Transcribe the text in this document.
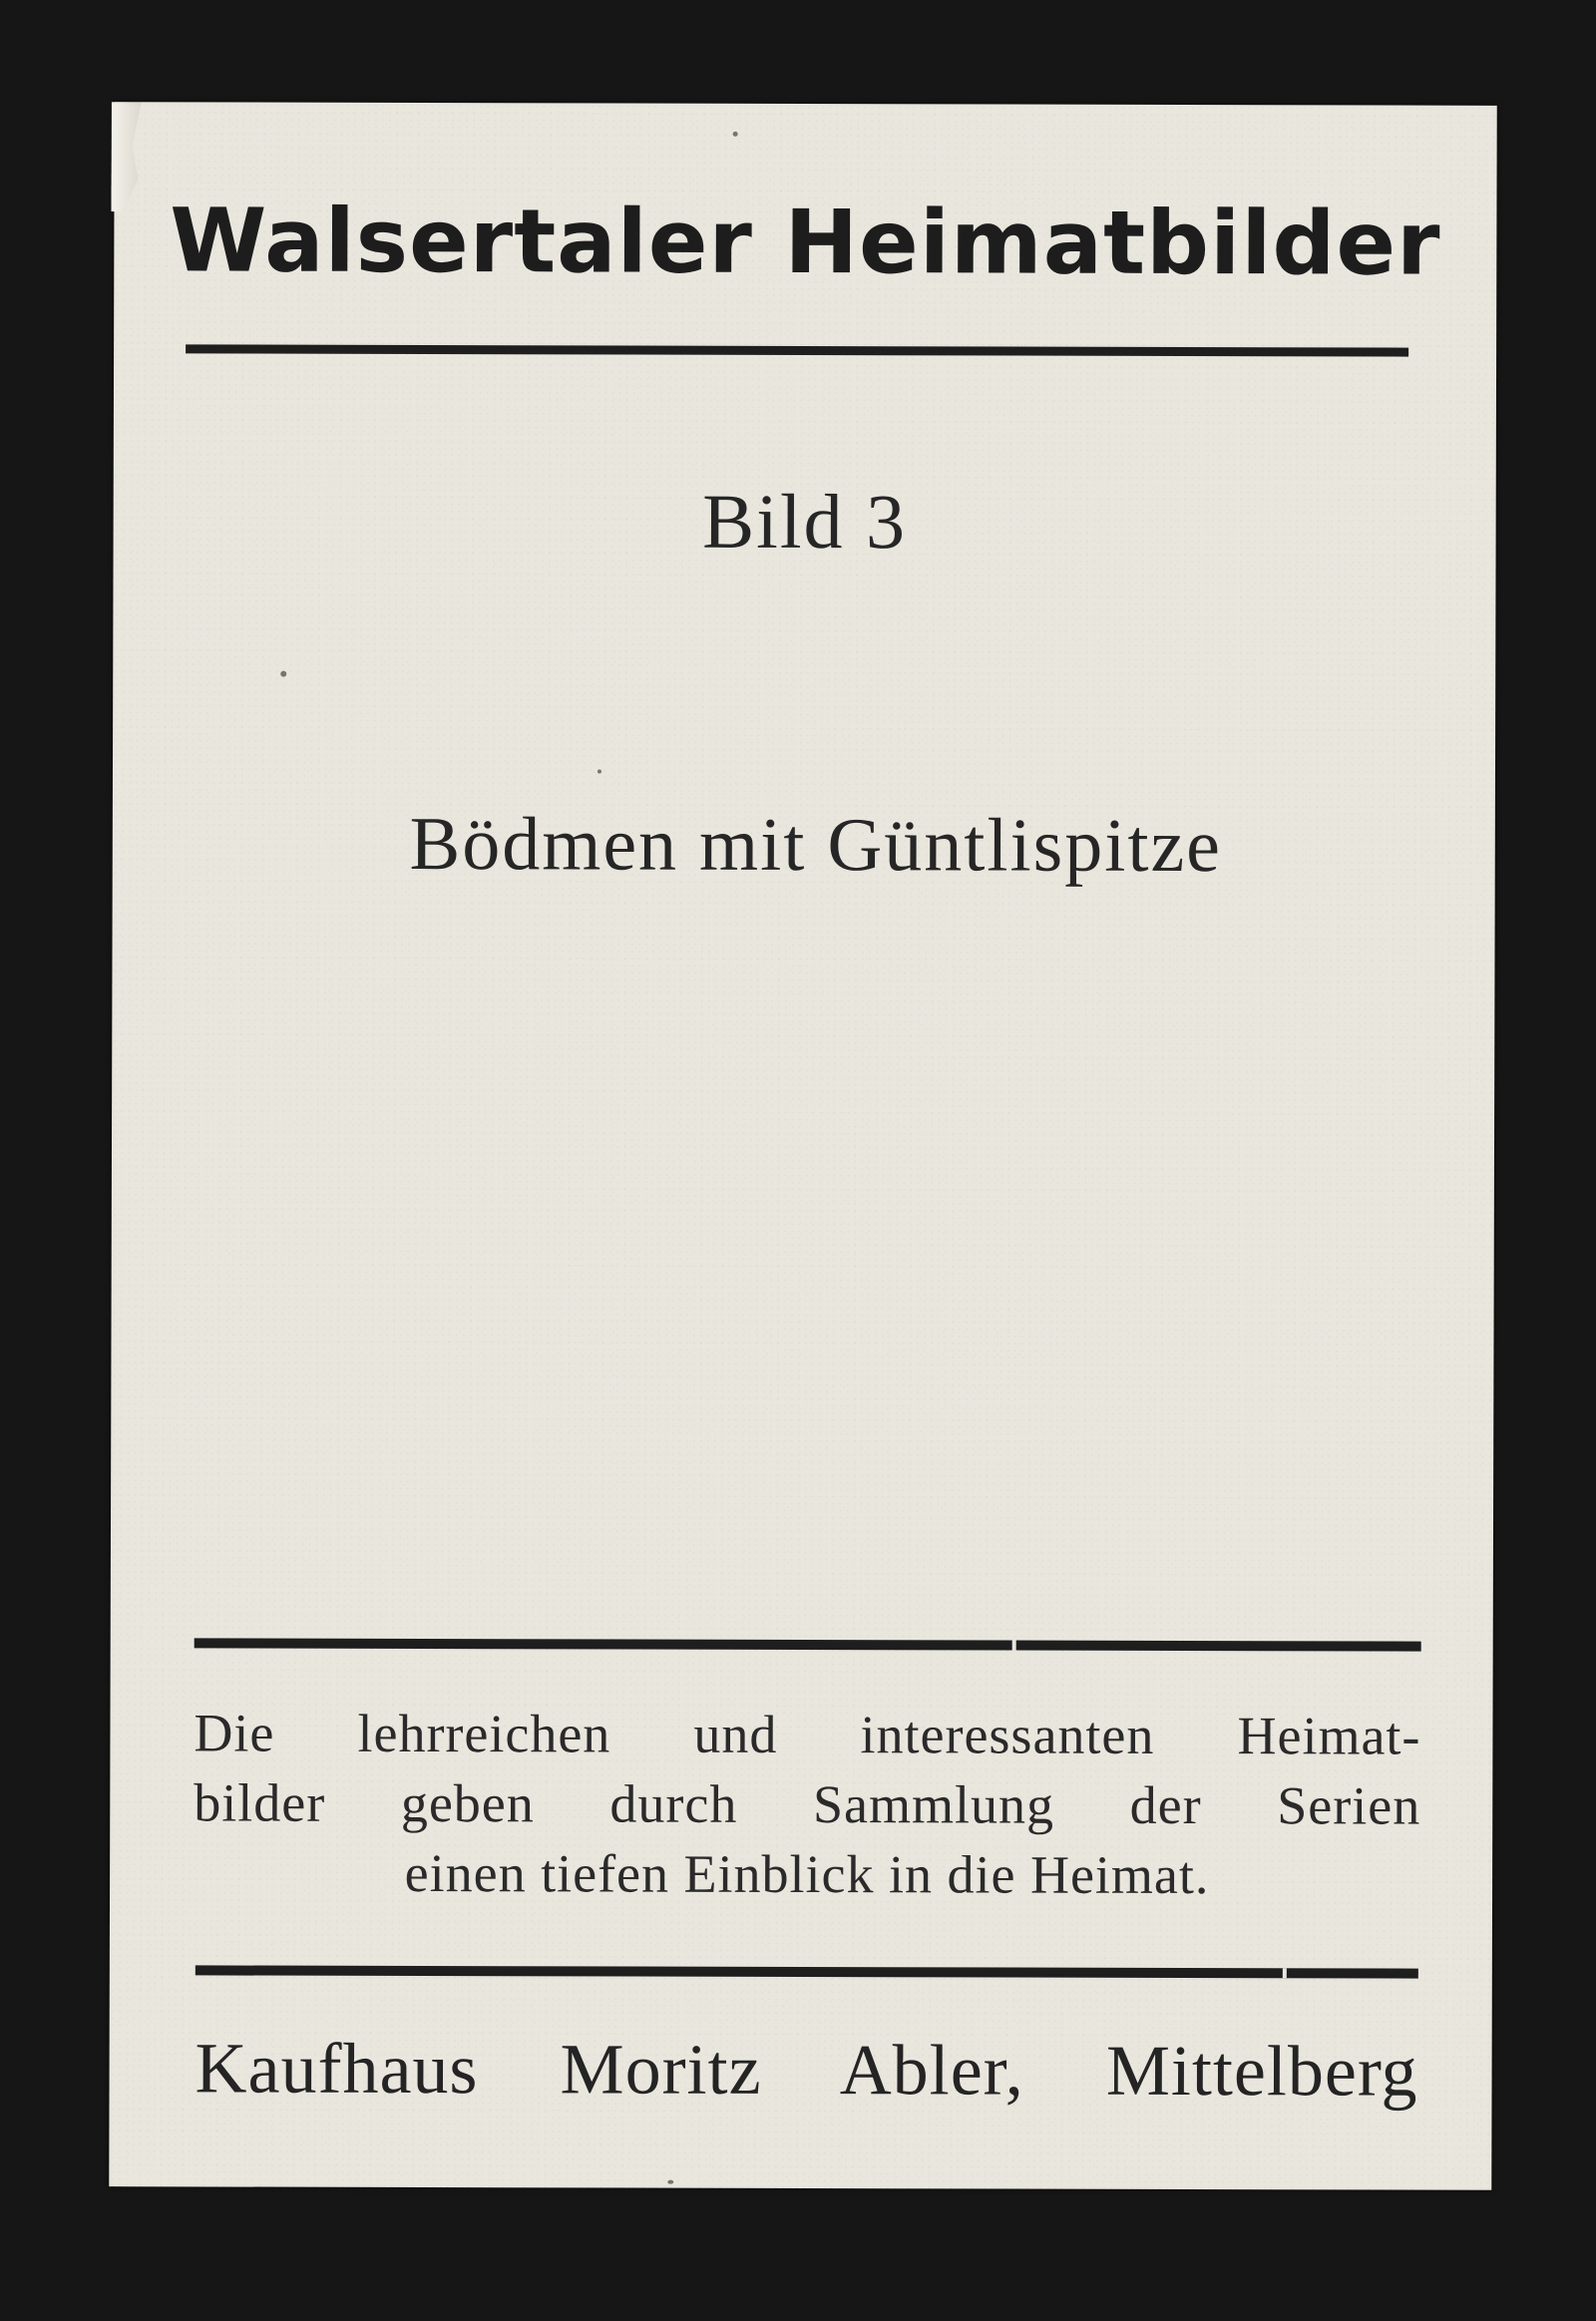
Walsertaler Heimatbilder
Bild 3
Bödmen mit Güntlispitze
Die lehrreichen und interessanten Heimat-
bilder geben durch Sammlung der Serien
einen tiefen Einblick in die Heimat.
Kaufhaus Moritz Abler, Mittelberg
